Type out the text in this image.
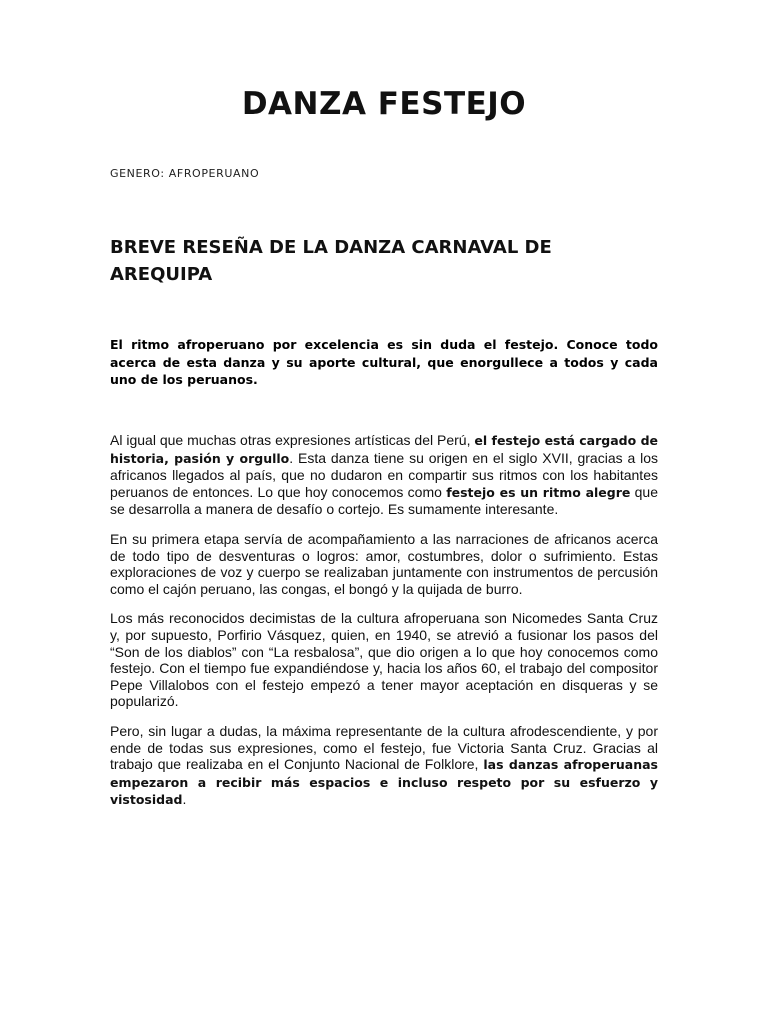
DANZA FESTEJO

GENERO: AFROPERUANO

BREVE RESEÑA DE LA DANZA CARNAVAL DE AREQUIPA

El ritmo afroperuano por excelencia es sin duda el festejo. Conoce todo acerca de esta danza y su aporte cultural, que enorgullece a todos y cada uno de los peruanos.

Al igual que muchas otras expresiones artísticas del Perú, el festejo está cargado de historia, pasión y orgullo. Esta danza tiene su origen en el siglo XVII, gracias a los africanos llegados al país, que no dudaron en compartir sus ritmos con los habitantes peruanos de entonces. Lo que hoy conocemos como festejo es un ritmo alegre que se desarrolla a manera de desafío o cortejo. Es sumamente interesante.

En su primera etapa servía de acompañamiento a las narraciones de africanos acerca de todo tipo de desventuras o logros: amor, costumbres, dolor o sufrimiento. Estas exploraciones de voz y cuerpo se realizaban juntamente con instrumentos de percusión como el cajón peruano, las congas, el bongó y la quijada de burro.

Los más reconocidos decimistas de la cultura afroperuana son Nicomedes Santa Cruz y, por supuesto, Porfirio Vásquez, quien, en 1940, se atrevió a fusionar los pasos del “Son de los diablos” con “La resbalosa”, que dio origen a lo que hoy conocemos como festejo. Con el tiempo fue expandiéndose y, hacia los años 60, el trabajo del compositor Pepe Villalobos con el festejo empezó a tener mayor aceptación en disqueras y se popularizó.

Pero, sin lugar a dudas, la máxima representante de la cultura afrodescendiente, y por ende de todas sus expresiones, como el festejo, fue Victoria Santa Cruz. Gracias al trabajo que realizaba en el Conjunto Nacional de Folklore, las danzas afroperuanas empezaron a recibir más espacios e incluso respeto por su esfuerzo y vistosidad.
